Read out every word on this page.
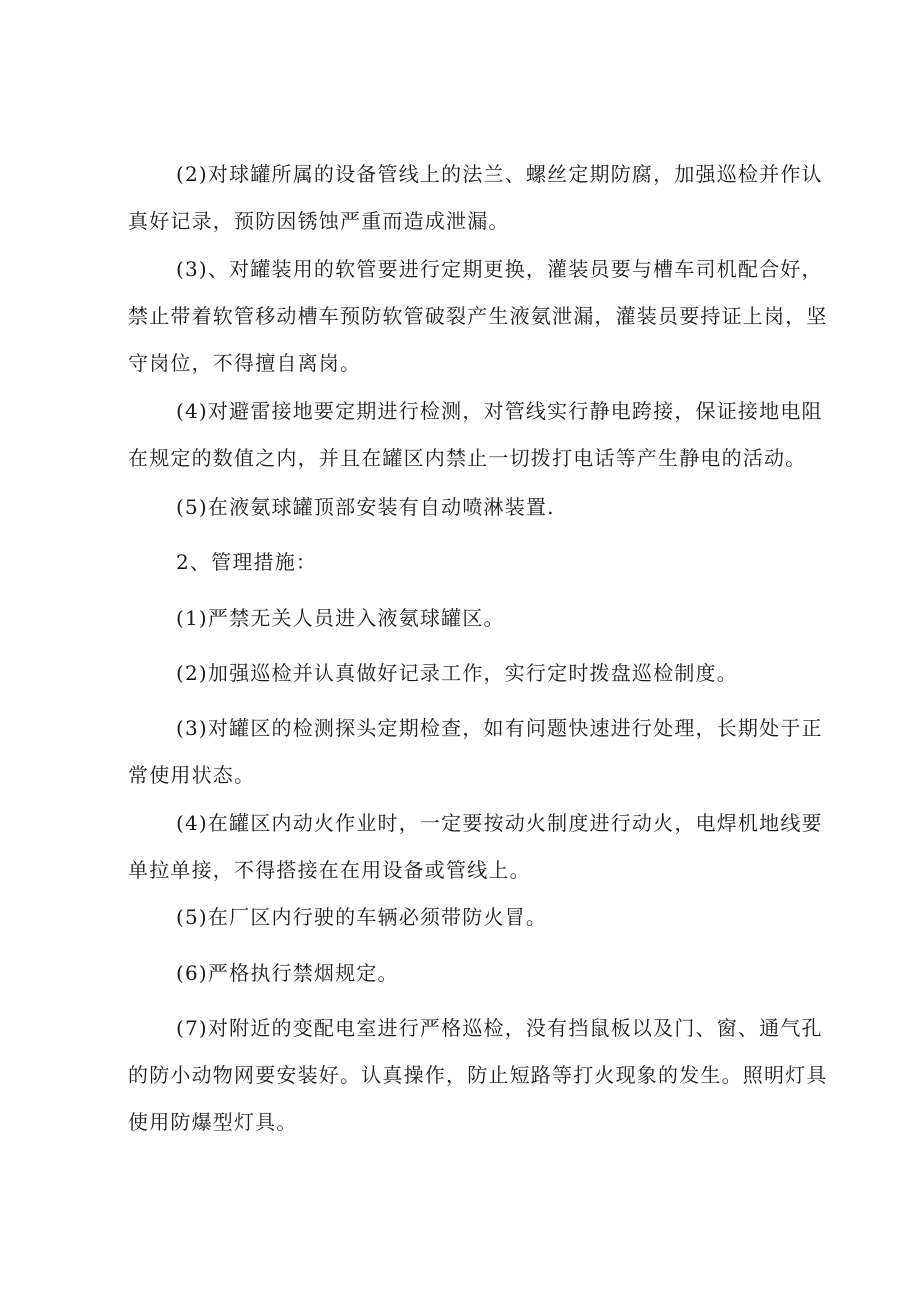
(2)对球罐所属的设备管线上的法兰、螺丝定期防腐，加强巡检并作认
真好记录，预防因锈蚀严重而造成泄漏。

(3)、对罐装用的软管要进行定期更换，灌装员要与槽车司机配合好，
禁止带着软管移动槽车预防软管破裂产生液氨泄漏，灌装员要持证上岗，坚
守岗位，不得擅自离岗。

(4)对避雷接地要定期进行检测，对管线实行静电跨接，保证接地电阻
在规定的数值之内，并且在罐区内禁止一切拨打电话等产生静电的活动。

(5)在液氨球罐顶部安装有自动喷淋装置.

2、管理措施：

(1)严禁无关人员进入液氨球罐区。

(2)加强巡检并认真做好记录工作，实行定时拨盘巡检制度。

(3)对罐区的检测探头定期检查，如有问题快速进行处理，长期处于正
常使用状态。

(4)在罐区内动火作业时，一定要按动火制度进行动火，电焊机地线要
单拉单接，不得搭接在在用设备或管线上。

(5)在厂区内行驶的车辆必须带防火冒。

(6)严格执行禁烟规定。

(7)对附近的变配电室进行严格巡检，没有挡鼠板以及门、窗、通气孔
的防小动物网要安装好。认真操作，防止短路等打火现象的发生。照明灯具
使用防爆型灯具。
